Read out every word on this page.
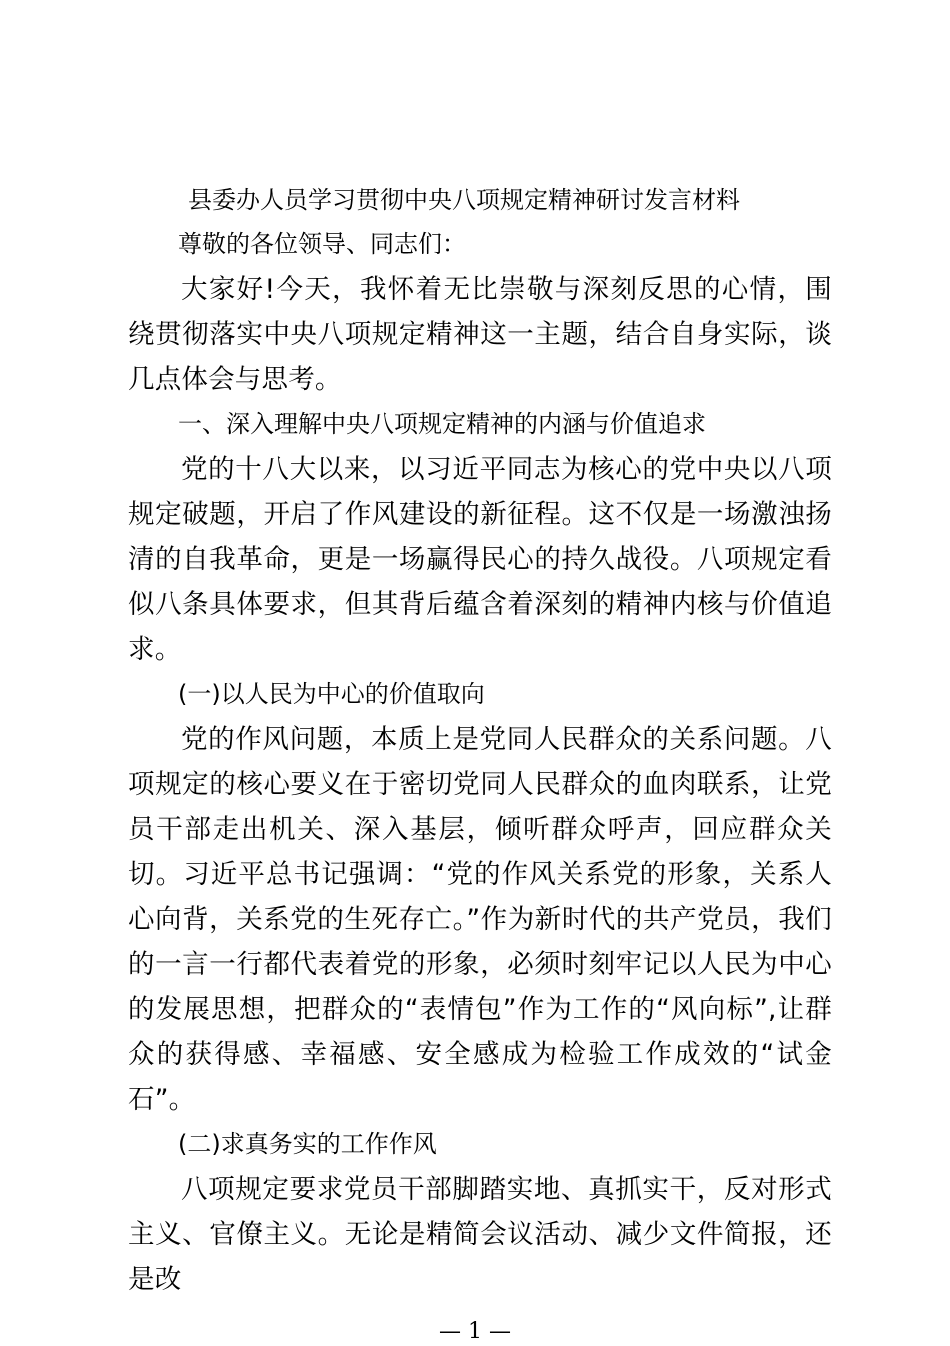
县委办人员学习贯彻中央八项规定精神研讨发言材料

尊敬的各位领导、同志们：

大家好!今天，我怀着无比崇敬与深刻反思的心情，围绕贯彻落实中央八项规定精神这一主题，结合自身实际，谈几点体会与思考。

一、深入理解中央八项规定精神的内涵与价值追求

党的十八大以来，以习近平同志为核心的党中央以八项规定破题，开启了作风建设的新征程。这不仅是一场激浊扬清的自我革命，更是一场赢得民心的持久战役。八项规定看似八条具体要求，但其背后蕴含着深刻的精神内核与价值追求。

(一)以人民为中心的价值取向

党的作风问题，本质上是党同人民群众的关系问题。八项规定的核心要义在于密切党同人民群众的血肉联系，让党员干部走出机关、深入基层，倾听群众呼声，回应群众关切。习近平总书记强调：“党的作风关系党的形象，关系人心向背，关系党的生死存亡。”作为新时代的共产党员，我们的一言一行都代表着党的形象，必须时刻牢记以人民为中心的发展思想，把群众的“表情包”作为工作的“风向标”,让群众的获得感、幸福感、安全感成为检验工作成效的“试金石”。

(二)求真务实的工作作风

八项规定要求党员干部脚踏实地、真抓实干，反对形式主义、官僚主义。无论是精简会议活动、减少文件简报，还是改

— 1 —
